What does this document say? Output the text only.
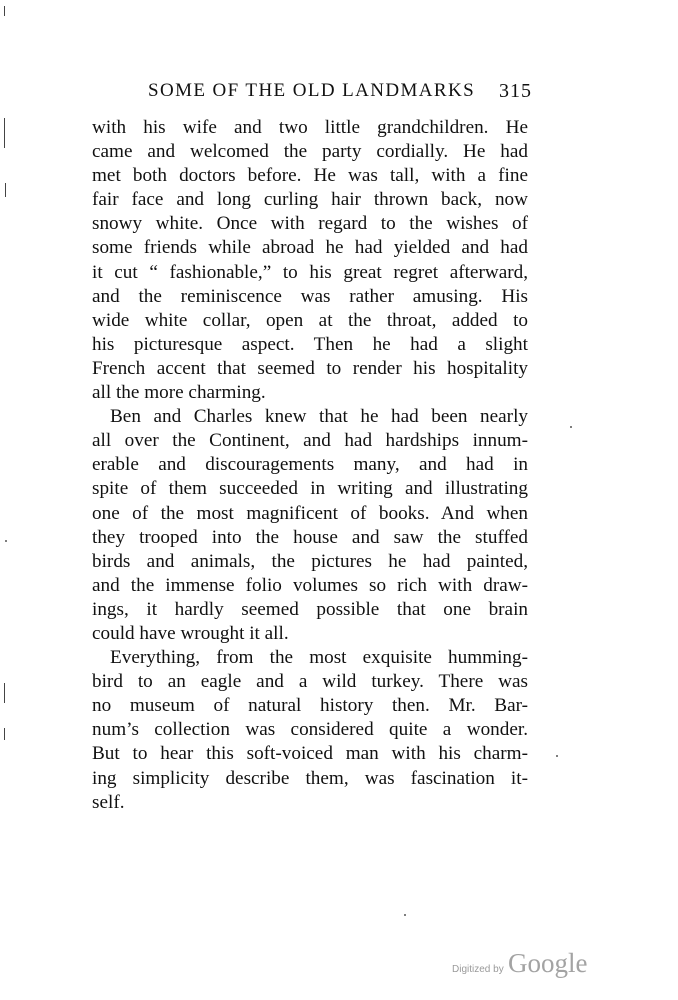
SOME OF THE OLD LANDMARKS 315

with his wife and two little grandchildren. He
came and welcomed the party cordially. He had
met both doctors before. He was tall, with a fine
fair face and long curling hair thrown back, now
snowy white. Once with regard to the wishes of
some friends while abroad he had yielded and had
it cut “ fashionable,” to his great regret afterward,
and the reminiscence was rather amusing. His
wide white collar, open at the throat, added to
his picturesque aspect. Then he had a slight
French accent that seemed to render his hospitality
all the more charming.

Ben and Charles knew that he had been nearly
all over the Continent, and had hardships innum-
erable and discouragements many, and had in
spite of them succeeded in writing and illustrating
one of the most magnificent of books. And when
they trooped into the house and saw the stuffed
birds and animals, the pictures he had painted,
and the immense folio volumes so rich with draw-
ings, it hardly seemed possible that one brain
could have wrought it all.

Everything, from the most exquisite humming-
bird to an eagle and a wild turkey. There was
no museum of natural history then. Mr. Bar-
num’s collection was considered quite a wonder.
But to hear this soft-voiced man with his charm-
ing simplicity describe them, was fascination it-
self.

Digitized by Google
